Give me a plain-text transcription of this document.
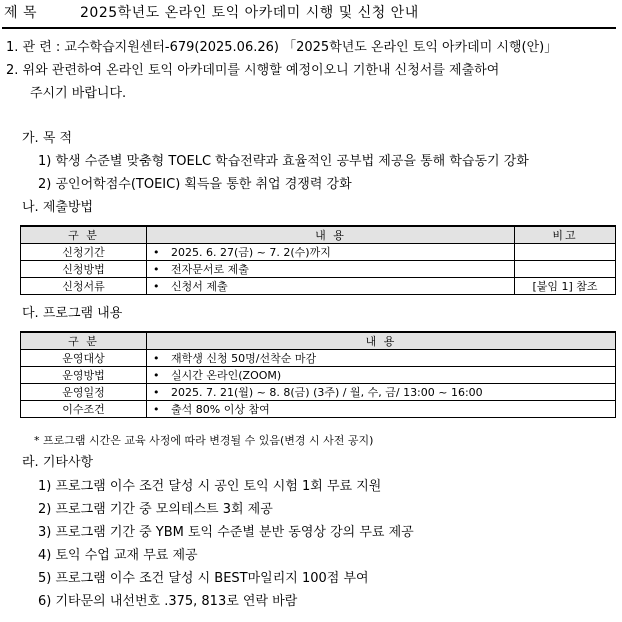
제 목	2025학년도 온라인 토익 아카데미 시행 및 신청 안내
1. 관 련 : 교수학습지원센터-679(2025.06.26) 「2025학년도 온라인 토익 아카데미 시행(안)」
2. 위와 관련하여 온라인 토익 아카데미를 시행할 예정이오니 기한내 신청서를 제출하여
주시기 바랍니다.
가. 목 적
1) 학생 수준별 맞춤형 TOELC 학습전략과 효율적인 공부법 제공을 통해 학습동기 강화
2) 공인어학점수(TOEIC) 획득을 통한 취업 경쟁력 강화
나. 제출방법
구 분	내 용	비고
신청기간	• 2025. 6. 27(금) ~ 7. 2(수)까지	
신청방법	• 전자문서로 제출	
신청서류	• 신청서 제출	[붙임 1] 참조
다. 프로그램 내용
구 분	내 용
운영대상	• 재학생 신청 50명/선착순 마감
운영방법	• 실시간 온라인(ZOOM)
운영일정	• 2025. 7. 21(월) ~ 8. 8(금) (3주) / 월, 수, 금/ 13:00 ~ 16:00
이수조건	• 출석 80% 이상 참여
* 프로그램 시간은 교육 사정에 따라 변경될 수 있음(변경 시 사전 공지)
라. 기타사항
1) 프로그램 이수 조건 달성 시 공인 토익 시험 1회 무료 지원
2) 프로그램 기간 중 모의테스트 3회 제공
3) 프로그램 기간 중 YBM 토익 수준별 분반 동영상 강의 무료 제공
4) 토익 수업 교재 무료 제공
5) 프로그램 이수 조건 달성 시 BEST마일리지 100점 부여
6) 기타문의 내선번호 .375, 813로 연락 바람
